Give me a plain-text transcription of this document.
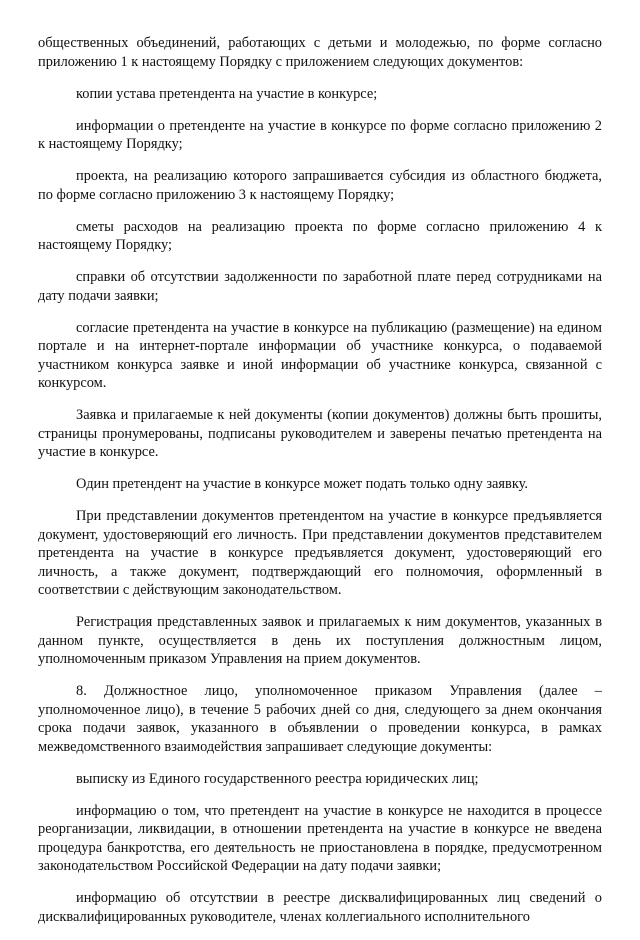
общественных объединений, работающих с детьми и молодежью, по форме согласно приложению 1 к настоящему Порядку с приложением следующих документов:

копии устава претендента на участие в конкурсе;

информации о претенденте на участие в конкурсе по форме согласно приложению 2 к настоящему Порядку;

проекта, на реализацию которого запрашивается субсидия из областного бюджета, по форме согласно приложению 3 к настоящему Порядку;

сметы расходов на реализацию проекта по форме согласно приложению 4 к настоящему Порядку;

справки об отсутствии задолженности по заработной плате перед сотрудниками на дату подачи заявки;

согласие претендента на участие в конкурсе на публикацию (размещение) на едином портале и на интернет-портале информации об участнике конкурса, о подаваемой участником конкурса заявке и иной информации об участнике конкурса, связанной с конкурсом.

Заявка и прилагаемые к ней документы (копии документов) должны быть прошиты, страницы пронумерованы, подписаны руководителем и заверены печатью претендента на участие в конкурсе.

Один претендент на участие в конкурсе может подать только одну заявку.

При представлении документов претендентом на участие в конкурсе предъявляется документ, удостоверяющий его личность. При представлении документов представителем претендента на участие в конкурсе предъявляется документ, удостоверяющий его личность, а также документ, подтверждающий его полномочия, оформленный в соответствии с действующим законодательством.

Регистрация представленных заявок и прилагаемых к ним документов, указанных в данном пункте, осуществляется в день их поступления должностным лицом, уполномоченным приказом Управления на прием документов.

8. Должностное лицо, уполномоченное приказом Управления (далее – уполномоченное лицо), в течение 5 рабочих дней со дня, следующего за днем окончания срока подачи заявок, указанного в объявлении о проведении конкурса, в рамках межведомственного взаимодействия запрашивает следующие документы:

выписку из Единого государственного реестра юридических лиц;

информацию о том, что претендент на участие в конкурсе не находится в процессе реорганизации, ликвидации, в отношении претендента на участие в конкурсе не введена процедура банкротства, его деятельность не приостановлена в порядке, предусмотренном законодательством Российской Федерации на дату подачи заявки;

информацию об отсутствии в реестре дисквалифицированных лиц сведений о дисквалифицированных руководителе, членах коллегиального исполнительного
